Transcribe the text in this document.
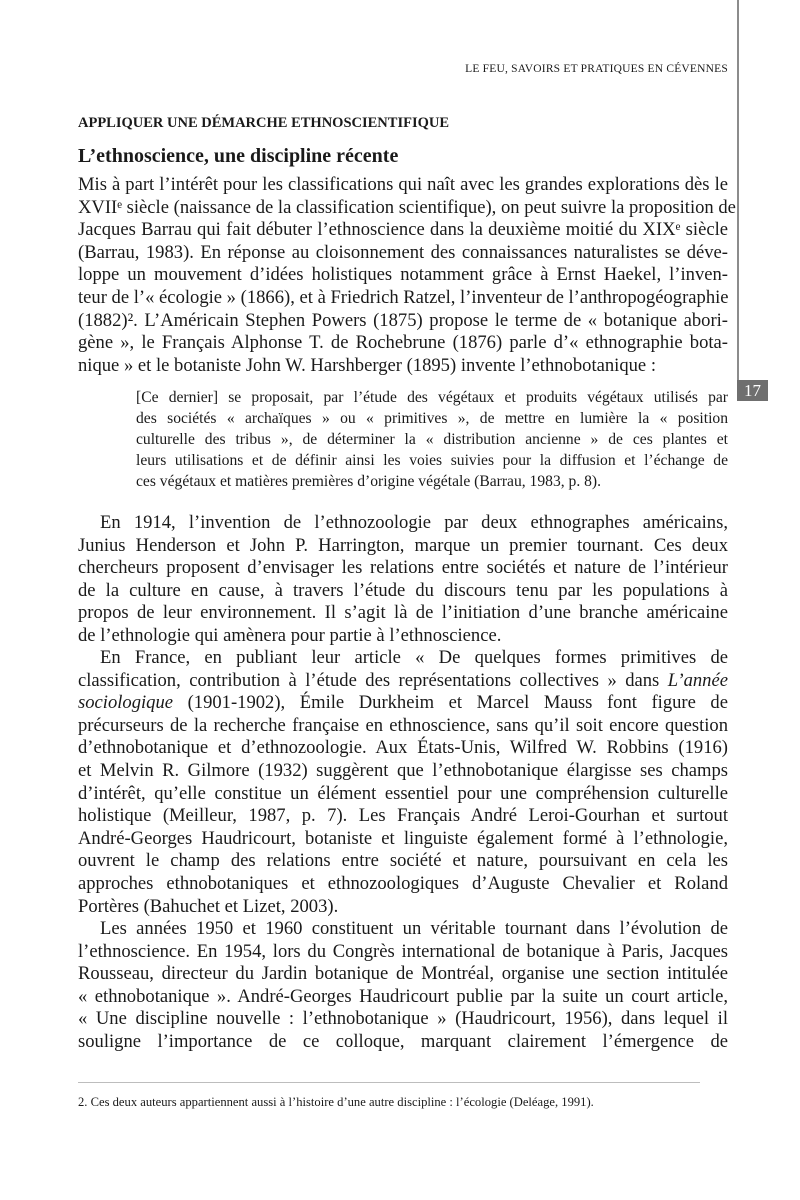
17
LE FEU, SAVOIRS ET PRATIQUES EN CÉVENNES
APPLIQUER UNE DÉMARCHE ETHNOSCIENTIFIQUE
L’ethnoscience, une discipline récente
Mis à part l’intérêt pour les classifications qui naît avec les grandes explorations dès le
XVIIᵉ siècle (naissance de la classification scientifique), on peut suivre la proposition de
Jacques Barrau qui fait débuter l’ethnoscience dans la deuxième moitié du XIXᵉ siècle
(Barrau, 1983). En réponse au cloisonnement des connaissances naturalistes se déve-
loppe un mouvement d’idées holistiques notamment grâce à Ernst Haekel, l’inven-
teur de l’« écologie » (1866), et à Friedrich Ratzel, l’inventeur de l’anthropogéographie
(1882)². L’Américain Stephen Powers (1875) propose le terme de « botanique abori-
gène », le Français Alphonse T. de Rochebrune (1876) parle d’« ethnographie bota-
nique » et le botaniste John W. Harshberger (1895) invente l’ethnobotanique :
[Ce dernier] se proposait, par l’étude des végétaux et produits végétaux utilisés par
des sociétés « archaïques » ou « primitives », de mettre en lumière la « position
culturelle des tribus », de déterminer la « distribution ancienne » de ces plantes et
leurs utilisations et de définir ainsi les voies suivies pour la diffusion et l’échange de
ces végétaux et matières premières d’origine végétale (Barrau, 1983, p. 8).
En 1914, l’invention de l’ethnozoologie par deux ethnographes américains,
Junius Henderson et John P. Harrington, marque un premier tournant. Ces deux
chercheurs proposent d’envisager les relations entre sociétés et nature de l’intérieur
de la culture en cause, à travers l’étude du discours tenu par les populations à
propos de leur environnement. Il s’agit là de l’initiation d’une branche américaine
de l’ethnologie qui amènera pour partie à l’ethnoscience.
En France, en publiant leur article « De quelques formes primitives de
classification, contribution à l’étude des représentations collectives » dans L’année
sociologique (1901-1902), Émile Durkheim et Marcel Mauss font figure de
précurseurs de la recherche française en ethnoscience, sans qu’il soit encore question
d’ethnobotanique et d’ethnozoologie. Aux États-Unis, Wilfred W. Robbins (1916)
et Melvin R. Gilmore (1932) suggèrent que l’ethnobotanique élargisse ses champs
d’intérêt, qu’elle constitue un élément essentiel pour une compréhension culturelle
holistique (Meilleur, 1987, p. 7). Les Français André Leroi-Gourhan et surtout
André-Georges Haudricourt, botaniste et linguiste également formé à l’ethnologie,
ouvrent le champ des relations entre société et nature, poursuivant en cela les
approches ethnobotaniques et ethnozoologiques d’Auguste Chevalier et Roland
Portères (Bahuchet et Lizet, 2003).
Les années 1950 et 1960 constituent un véritable tournant dans l’évolution de
l’ethnoscience. En 1954, lors du Congrès international de botanique à Paris, Jacques
Rousseau, directeur du Jardin botanique de Montréal, organise une section intitulée
« ethnobotanique ». André-Georges Haudricourt publie par la suite un court article,
« Une discipline nouvelle : l’ethnobotanique » (Haudricourt, 1956), dans lequel il
souligne l’importance de ce colloque, marquant clairement l’émergence de
2. Ces deux auteurs appartiennent aussi à l’histoire d’une autre discipline : l’écologie (Deléage, 1991).
